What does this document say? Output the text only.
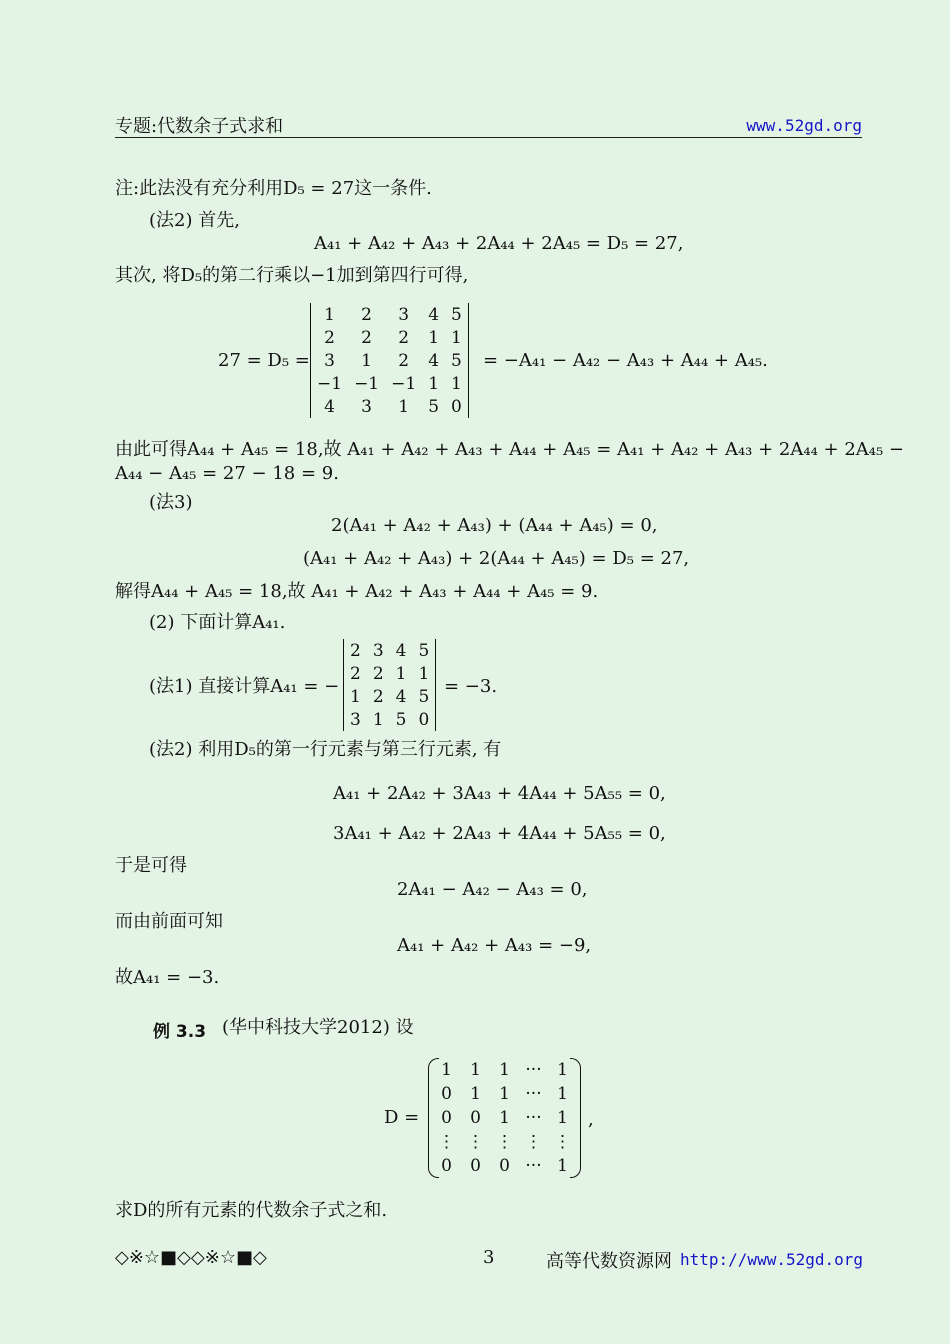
专题:代数余子式求和	www.52gd.org
注:此法没有充分利用D₅ = 27这一条件.
(法2) 首先,
A₄₁ + A₄₂ + A₄₃ + 2A₄₄ + 2A₄₅ = D₅ = 27,
其次, 将D₅的第二行乘以−1加到第四行可得,
27 = D₅ =
1	2	3	4	5
2	2	2	1	1
3	1	2	4	5
−1	−1	−1	1	1
4	3	1	5	0
= −A₄₁ − A₄₂ − A₄₃ + A₄₄ + A₄₅.
由此可得A₄₄ + A₄₅ = 18,故 A₄₁ + A₄₂ + A₄₃ + A₄₄ + A₄₅ = A₄₁ + A₄₂ + A₄₃ + 2A₄₄ + 2A₄₅ −
A₄₄ − A₄₅ = 27 − 18 = 9.
(法3)
2(A₄₁ + A₄₂ + A₄₃) + (A₄₄ + A₄₅) = 0,
(A₄₁ + A₄₂ + A₄₃) + 2(A₄₄ + A₄₅) = D₅ = 27,
解得A₄₄ + A₄₅ = 18,故 A₄₁ + A₄₂ + A₄₃ + A₄₄ + A₄₅ = 9.
(2) 下面计算A₄₁.
(法1) 直接计算A₄₁ = −
2	3	4	5
2	2	1	1
1	2	4	5
3	1	5	0
= −3.
(法2) 利用D₅的第一行元素与第三行元素, 有
A₄₁ + 2A₄₂ + 3A₄₃ + 4A₄₄ + 5A₅₅ = 0,
3A₄₁ + A₄₂ + 2A₄₃ + 4A₄₄ + 5A₅₅ = 0,
于是可得
2A₄₁ − A₄₂ − A₄₃ = 0,
而由前面可知
A₄₁ + A₄₂ + A₄₃ = −9,
故A₄₁ = −3.
例 3.3 (华中科技大学2012) 设
D =
1	1	1	···	1
0	1	1	···	1
0	0	1	···	1
⋮	⋮	⋮	⋮	⋮
0	0	0	···	1
,
求D的所有元素的代数余子式之和.
◇※☆■◇◇※☆■◇	3	高等代数资源网 http://www.52gd.org
